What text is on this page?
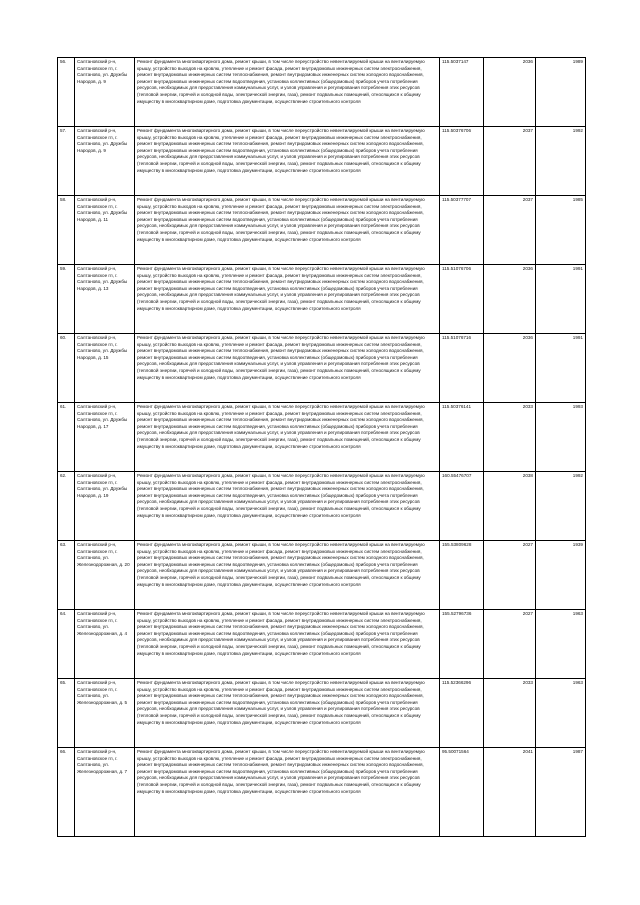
56.	Салтановский р-н, Салтановское гп, г. Салтаново, ул. Дружбы Народов, д. 9	Ремонт фундамента многоквартирного дома, ремонт крыши, в том числе переустройство невентилируемой крыши на вентилируемую крышу, устройство выходов на кровлю, утепление и ремонт фасада, ремонт внутридомовых инженерных систем электроснабжения, ремонт внутридомовых инженерных систем теплоснабжения, ремонт внутридомовых инженерных систем холодного водоснабжения, ремонт внутридомовых инженерных систем водоотведения, установка коллективных (общедомовых) приборов учета потребления ресурсов, необходимых для предоставления коммунальных услуг, и узлов управления и регулирования потребления этих ресурсов (тепловой энергии, горячей и холодной воды, электрической энергии, газа), ремонт подвальных помещений, относящихся к общему имуществу в многоквартирном доме, подготовка документации, осуществление строительного контроля	115.5037147	2036	1989
57.	Салтановский р-н, Салтановское гп, г. Салтаново, ул. Дружбы Народов, д. 9	Ремонт фундамента многоквартирного дома, ремонт крыши, в том числе переустройство невентилируемой крыши на вентилируемую крышу, устройство выходов на кровлю, утепление и ремонт фасада, ремонт внутридомовых инженерных систем электроснабжения, ремонт внутридомовых инженерных систем теплоснабжения, ремонт внутридомовых инженерных систем холодного водоснабжения, ремонт внутридомовых инженерных систем водоотведения, установка коллективных (общедомовых) приборов учета потребления ресурсов, необходимых для предоставления коммунальных услуг, и узлов управления и регулирования потребления этих ресурсов (тепловой энергии, горячей и холодной воды, электрической энергии, газа), ремонт подвальных помещений, относящихся к общему имуществу в многоквартирном доме, подготовка документации, осуществление строительного контроля	115.50376706	2037	1992
58.	Салтановский р-н, Салтановское гп, г. Салтаново, ул. Дружбы Народов, д. 11	Ремонт фундамента многоквартирного дома, ремонт крыши, в том числе переустройство невентилируемой крыши на вентилируемую крышу, устройство выходов на кровлю, утепление и ремонт фасада, ремонт внутридомовых инженерных систем электроснабжения, ремонт внутридомовых инженерных систем теплоснабжения, ремонт внутридомовых инженерных систем холодного водоснабжения, ремонт внутридомовых инженерных систем водоотведения, установка коллективных (общедомовых) приборов учета потребления ресурсов, необходимых для предоставления коммунальных услуг, и узлов управления и регулирования потребления этих ресурсов (тепловой энергии, горячей и холодной воды, электрической энергии, газа), ремонт подвальных помещений, относящихся к общему имуществу в многоквартирном доме, подготовка документации, осуществление строительного контроля	115.50377707	2037	1985
59.	Салтановский р-н, Салтановское гп, г. Салтаново, ул. Дружбы Народов, д. 13	Ремонт фундамента многоквартирного дома, ремонт крыши, в том числе переустройство невентилируемой крыши на вентилируемую крышу, устройство выходов на кровлю, утепление и ремонт фасада, ремонт внутридомовых инженерных систем электроснабжения, ремонт внутридомовых инженерных систем теплоснабжения, ремонт внутридомовых инженерных систем холодного водоснабжения, ремонт внутридомовых инженерных систем водоотведения, установка коллективных (общедомовых) приборов учета потребления ресурсов, необходимых для предоставления коммунальных услуг, и узлов управления и регулирования потребления этих ресурсов (тепловой энергии, горячей и холодной воды, электрической энергии, газа), ремонт подвальных помещений, относящихся к общему имуществу в многоквартирном доме, подготовка документации, осуществление строительного контроля	115.51076706	2036	1991
60.	Салтановский р-н, Салтановское гп, г. Салтаново, ул. Дружбы Народов, д. 15	Ремонт фундамента многоквартирного дома, ремонт крыши, в том числе переустройство невентилируемой крыши на вентилируемую крышу, устройство выходов на кровлю, утепление и ремонт фасада, ремонт внутридомовых инженерных систем электроснабжения, ремонт внутридомовых инженерных систем теплоснабжения, ремонт внутридомовых инженерных систем холодного водоснабжения, ремонт внутридомовых инженерных систем водоотведения, установка коллективных (общедомовых) приборов учета потребления ресурсов, необходимых для предоставления коммунальных услуг, и узлов управления и регулирования потребления этих ресурсов (тепловой энергии, горячей и холодной воды, электрической энергии, газа), ремонт подвальных помещений, относящихся к общему имуществу в многоквартирном доме, подготовка документации, осуществление строительного контроля	115.51076716	2036	1991
61.	Салтановский р-н, Салтановское гп, г. Салтаново, ул. Дружбы Народов, д. 17	Ремонт фундамента многоквартирного дома, ремонт крыши, в том числе переустройство невентилируемой крыши на вентилируемую крышу, устройство выходов на кровлю, утепление и ремонт фасада, ремонт внутридомовых инженерных систем электроснабжения, ремонт внутридомовых инженерных систем теплоснабжения, ремонт внутридомовых инженерных систем холодного водоснабжения, ремонт внутридомовых инженерных систем водоотведения, установка коллективных (общедомовых) приборов учета потребления ресурсов, необходимых для предоставления коммунальных услуг, и узлов управления и регулирования потребления этих ресурсов (тепловой энергии, горячей и холодной воды, электрической энергии, газа), ремонт подвальных помещений, относящихся к общему имуществу в многоквартирном доме, подготовка документации, осуществление строительного контроля	115.50376141	2033	1993
62.	Салтановский р-н, Салтановское гп, г. Салтаново, ул. Дружбы Народов, д. 19	Ремонт фундамента многоквартирного дома, ремонт крыши, в том числе переустройство невентилируемой крыши на вентилируемую крышу, устройство выходов на кровлю, утепление и ремонт фасада, ремонт внутридомовых инженерных систем электроснабжения, ремонт внутридомовых инженерных систем теплоснабжения, ремонт внутридомовых инженерных систем холодного водоснабжения, ремонт внутридомовых инженерных систем водоотведения, установка коллективных (общедомовых) приборов учета потребления ресурсов, необходимых для предоставления коммунальных услуг, и узлов управления и регулирования потребления этих ресурсов (тепловой энергии, горячей и холодной воды, электрической энергии, газа), ремонт подвальных помещений, относящихся к общему имуществу в многоквартирном доме, подготовка документации, осуществление строительного контроля	160.55476707	2038	1992
63.	Салтановский р-н, Салтановское гп, г. Салтаново, ул. Железнодорожная, д. 20	Ремонт фундамента многоквартирного дома, ремонт крыши, в том числе переустройство невентилируемой крыши на вентилируемую крышу, устройство выходов на кровлю, утепление и ремонт фасада, ремонт внутридомовых инженерных систем электроснабжения, ремонт внутридомовых инженерных систем теплоснабжения, ремонт внутридомовых инженерных систем холодного водоснабжения, ремонт внутридомовых инженерных систем водоотведения, установка коллективных (общедомовых) приборов учета потребления ресурсов, необходимых для предоставления коммунальных услуг, и узлов управления и регулирования потребления этих ресурсов (тепловой энергии, горячей и холодной воды, электрической энергии, газа), ремонт подвальных помещений, относящихся к общему имуществу в многоквартирном доме, подготовка документации, осуществление строительного контроля	155.53809628	2027	1939
64.	Салтановский р-н, Салтановское гп, г. Салтаново, ул. Железнодорожная, д. 4	Ремонт фундамента многоквартирного дома, ремонт крыши, в том числе переустройство невентилируемой крыши на вентилируемую крышу, устройство выходов на кровлю, утепление и ремонт фасада, ремонт внутридомовых инженерных систем электроснабжения, ремонт внутридомовых инженерных систем теплоснабжения, ремонт внутридомовых инженерных систем холодного водоснабжения, ремонт внутридомовых инженерных систем водоотведения, установка коллективных (общедомовых) приборов учета потребления ресурсов, необходимых для предоставления коммунальных услуг, и узлов управления и регулирования потребления этих ресурсов (тепловой энергии, горячей и холодной воды, электрической энергии, газа), ремонт подвальных помещений, относящихся к общему имуществу в многоквартирном доме, подготовка документации, осуществление строительного контроля	155.52796736	2027	1963
65.	Салтановский р-н, Салтановское гп, г. Салтаново, ул. Железнодорожная, д. 5	Ремонт фундамента многоквартирного дома, ремонт крыши, в том числе переустройство невентилируемой крыши на вентилируемую крышу, устройство выходов на кровлю, утепление и ремонт фасада, ремонт внутридомовых инженерных систем электроснабжения, ремонт внутридомовых инженерных систем теплоснабжения, ремонт внутридомовых инженерных систем холодного водоснабжения, ремонт внутридомовых инженерных систем водоотведения, установка коллективных (общедомовых) приборов учета потребления ресурсов, необходимых для предоставления коммунальных услуг, и узлов управления и регулирования потребления этих ресурсов (тепловой энергии, горячей и холодной воды, электрической энергии, газа), ремонт подвальных помещений, относящихся к общему имуществу в многоквартирном доме, подготовка документации, осуществление строительного контроля	115.52366296	2033	1963
66.	Салтановский р-н, Салтановское гп, г. Салтаново, ул. Железнодорожная, д. 7	Ремонт фундамента многоквартирного дома, ремонт крыши, в том числе переустройство невентилируемой крыши на вентилируемую крышу, устройство выходов на кровлю, утепление и ремонт фасада, ремонт внутридомовых инженерных систем электроснабжения, ремонт внутридомовых инженерных систем теплоснабжения, ремонт внутридомовых инженерных систем холодного водоснабжения, ремонт внутридомовых инженерных систем водоотведения, установка коллективных (общедомовых) приборов учета потребления ресурсов, необходимых для предоставления коммунальных услуг, и узлов управления и регулирования потребления этих ресурсов (тепловой энергии, горячей и холодной воды, электрической энергии, газа), ремонт подвальных помещений, относящихся к общему имуществу в многоквартирном доме, подготовка документации, осуществление строительного контроля	95.50071564	2041	1987
